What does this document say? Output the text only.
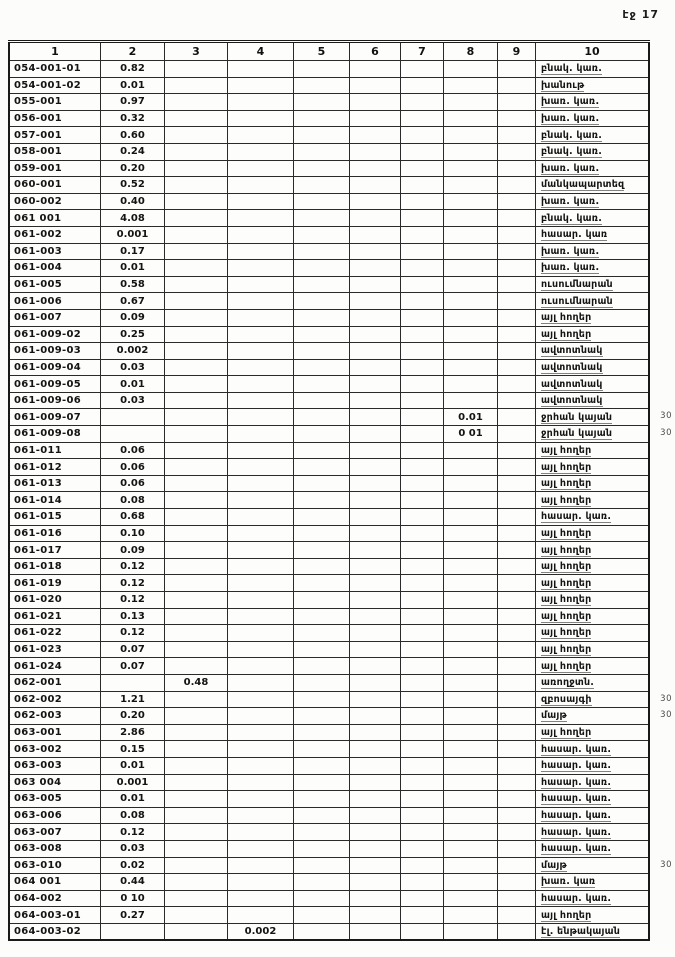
էջ 17
1	2	3	4	5	6	7	8	9	10
054-001-01	0.82								բնակ. կառ.
054-001-02	0.01								խանութ
055-001	0.97								խառ. կառ.
056-001	0.32								խառ. կառ.
057-001	0.60								բնակ. կառ.
058-001	0.24								բնակ. կառ.
059-001	0.20								խառ. կառ.
060-001	0.52								մանկապարտեզ
060-002	0.40								խառ. կառ.
061 001	4.08								բնակ. կառ.
061-002	0.001								հասար. կառ
061-003	0.17								խառ. կառ.
061-004	0.01								խառ. կառ.
061-005	0.58								ուսումնարան
061-006	0.67								ուսումնարան
061-007	0.09								այլ հողեր
061-009-02	0.25								այլ հողեր
061-009-03	0.002								ավտոտնակ
061-009-04	0.03								ավտոտնակ
061-009-05	0.01								ավտոտնակ
061-009-06	0.03								ավտոտնակ
061-009-07							0.01		ջրհան կայան 30

061-009-08							0 01		ջրհան կայան 30

061-011	0.06								այլ հողեր
061-012	0.06								այլ հողեր
061-013	0.06								այլ հողեր
061-014	0.08								այլ հողեր
061-015	0.68								հասար. կառ.
061-016	0.10								այլ հողեր
061-017	0.09								այլ հողեր
061-018	0.12								այլ հողեր
061-019	0.12								այլ հողեր
061-020	0.12								այլ հողեր
061-021	0.13								այլ հողեր
061-022	0.12								այլ հողեր
061-023	0.07								այլ հողեր
061-024	0.07								այլ հողեր
062-001		0.48							առողջտն.
062-002	1.21								զբոսայգի 30

062-003	0.20								մայթ 30

063-001	2.86								այլ հողեր
063-002	0.15								հասար. կառ.
063-003	0.01								հասար. կառ.
063 004	0.001								հասար. կառ.
063-005	0.01								հասար. կառ.
063-006	0.08								հասար. կառ.
063-007	0.12								հասար. կառ.
063-008	0.03								հասար. կառ.
063-010	0.02								մայթ 30

064 001	0.44								խառ. կառ
064-002	0 10								հասար. կառ.
064-003-01	0.27								այլ հողեր
064-003-02			0.002						էլ. ենթակայան
